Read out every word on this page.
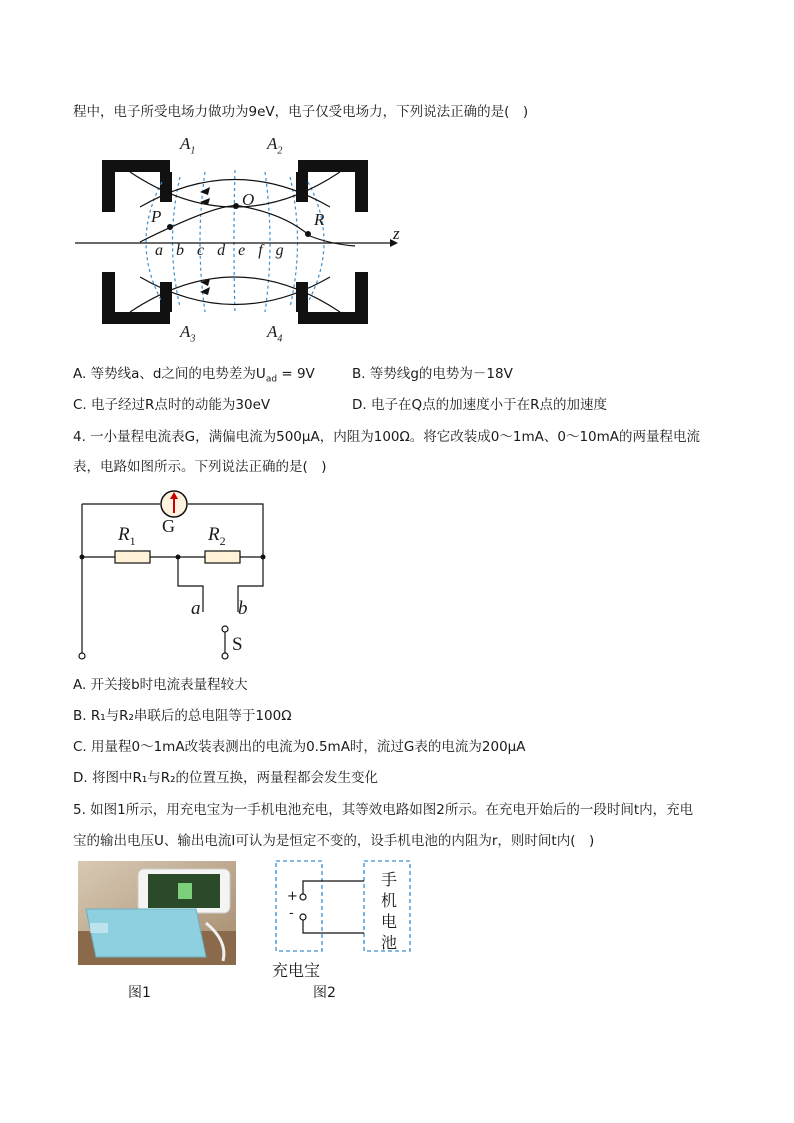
程中，电子所受电场力做功为9eV，电子仅受电场力，下列说法正确的是(　)
$A_1$	$A_2$
$A_3$	$A_4$
P
O
R
z
abcdefg
A. 等势线a、d之间的电势差为$U_{ad} = 9V$	B. 等势线g的电势为－18V
C. 电子经过R点时的动能为30eV	D. 电子在Q点的加速度小于在R点的加速度
4. 一小量程电流表G，满偏电流为500μA，内阻为100Ω。将它改装成0～1mA、0～10mA的两量程电流
表，电路如图所示。下列说法正确的是(　)
G
$R_1$	$R_2$
a b
S
A. 开关接b时电流表量程较大
B. R₁与R₂串联后的总电阻等于100Ω
C. 用量程0～1mA改装表测出的电流为0.5mA时，流过G表的电流为200μA
D. 将图中R₁与R₂的位置互换，两量程都会发生变化
5. 如图1所示，用充电宝为一手机电池充电，其等效电路如图2所示。在充电开始后的一段时间t内，充电
宝的输出电压U、输出电流I可认为是恒定不变的，设手机电池的内阻为r，则时间t内(　)
+
-
手
机
电
池
充电宝
图1	图2
